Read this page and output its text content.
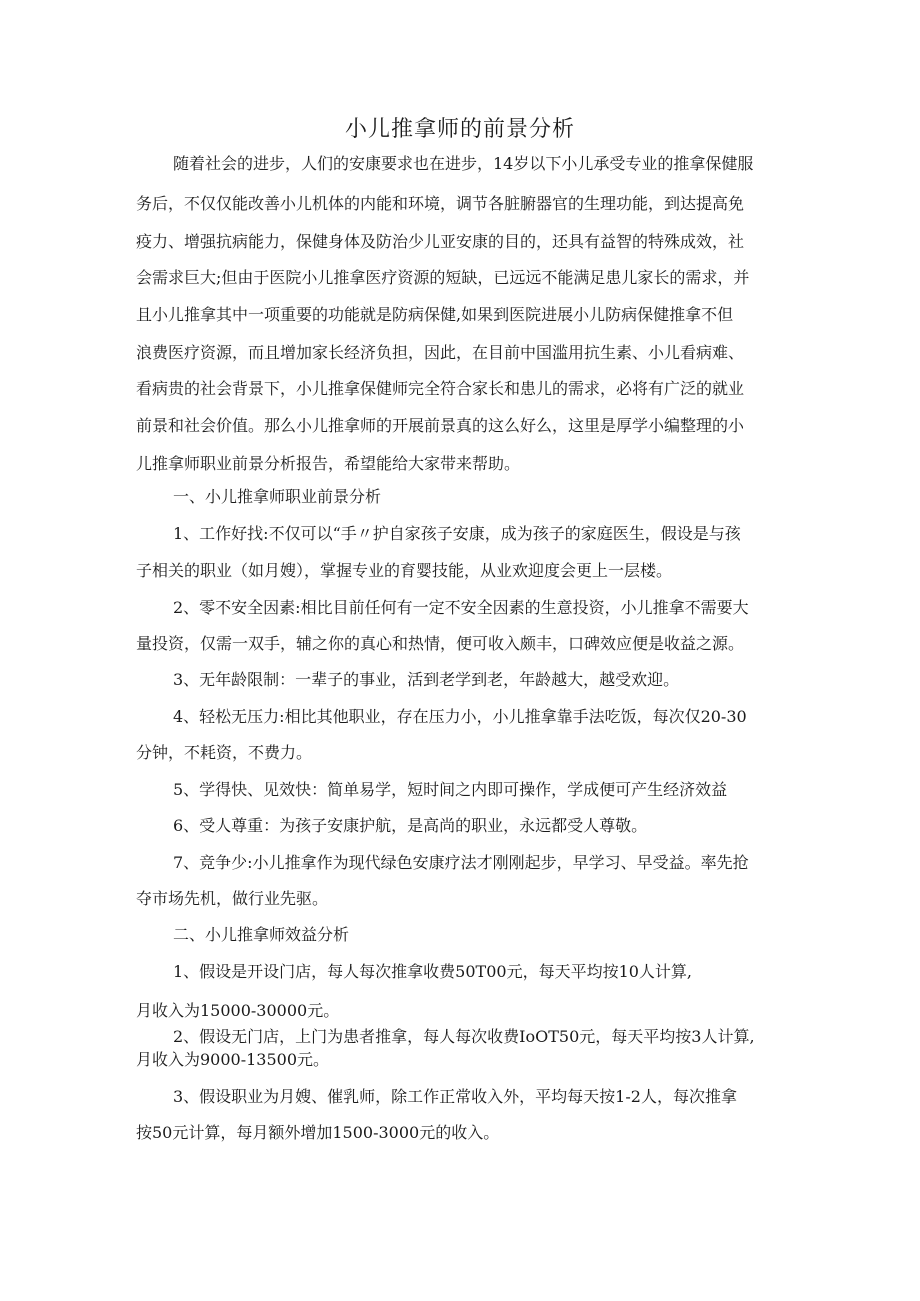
小儿推拿师的前景分析

随着社会的进步，人们的安康要求也在进步，14岁以下小儿承受专业的推拿保健服

务后，不仅仅能改善小儿机体的内能和环境，调节各脏腑器官的生理功能，到达提高免

疫力、增强抗病能力，保健身体及防治少儿亚安康的目的，还具有益智的特殊成效，社

会需求巨大;但由于医院小儿推拿医疗资源的短缺，已远远不能满足患儿家长的需求，并

且小儿推拿其中一项重要的功能就是防病保健,如果到医院进展小儿防病保健推拿不但

浪费医疗资源，而且增加家长经济负担，因此，在目前中国滥用抗生素、小儿看病难、

看病贵的社会背景下，小儿推拿保健师完全符合家长和患儿的需求，必将有广泛的就业

前景和社会价值。那么小儿推拿师的开展前景真的这么好么，这里是厚学小编整理的小

儿推拿师职业前景分析报告，希望能给大家带来帮助。

一、小儿推拿师职业前景分析

1、工作好找:不仅可以“手〃护自家孩子安康，成为孩子的家庭医生，假设是与孩

子相关的职业（如月嫂），掌握专业的育婴技能，从业欢迎度会更上一层楼。

2、零不安全因素:相比目前任何有一定不安全因素的生意投资，小儿推拿不需要大

量投资，仅需一双手，辅之你的真心和热情，便可收入颇丰，口碑效应便是收益之源。

3、无年龄限制：一辈子的事业，活到老学到老，年龄越大，越受欢迎。

4、轻松无压力:相比其他职业，存在压力小，小儿推拿靠手法吃饭，每次仅20-30

分钟，不耗资，不费力。

5、学得快、见效快：简单易学，短时间之内即可操作，学成便可产生经济效益

6、受人尊重：为孩子安康护航，是高尚的职业，永远都受人尊敬。

7、竞争少:小儿推拿作为现代绿色安康疗法才刚刚起步，早学习、早受益。率先抢

夺市场先机，做行业先驱。

二、小儿推拿师效益分析

1、假设是开设门店，每人每次推拿收费50T00元，每天平均按10人计算,

月收入为15000-30000元。

2、假设无门店，上门为患者推拿，每人每次收费IoOT50元，每天平均按3人计算,

月收入为9000-13500元。

3、假设职业为月嫂、催乳师，除工作正常收入外，平均每天按1-2人，每次推拿

按50元计算，每月额外增加1500-3000元的收入。
